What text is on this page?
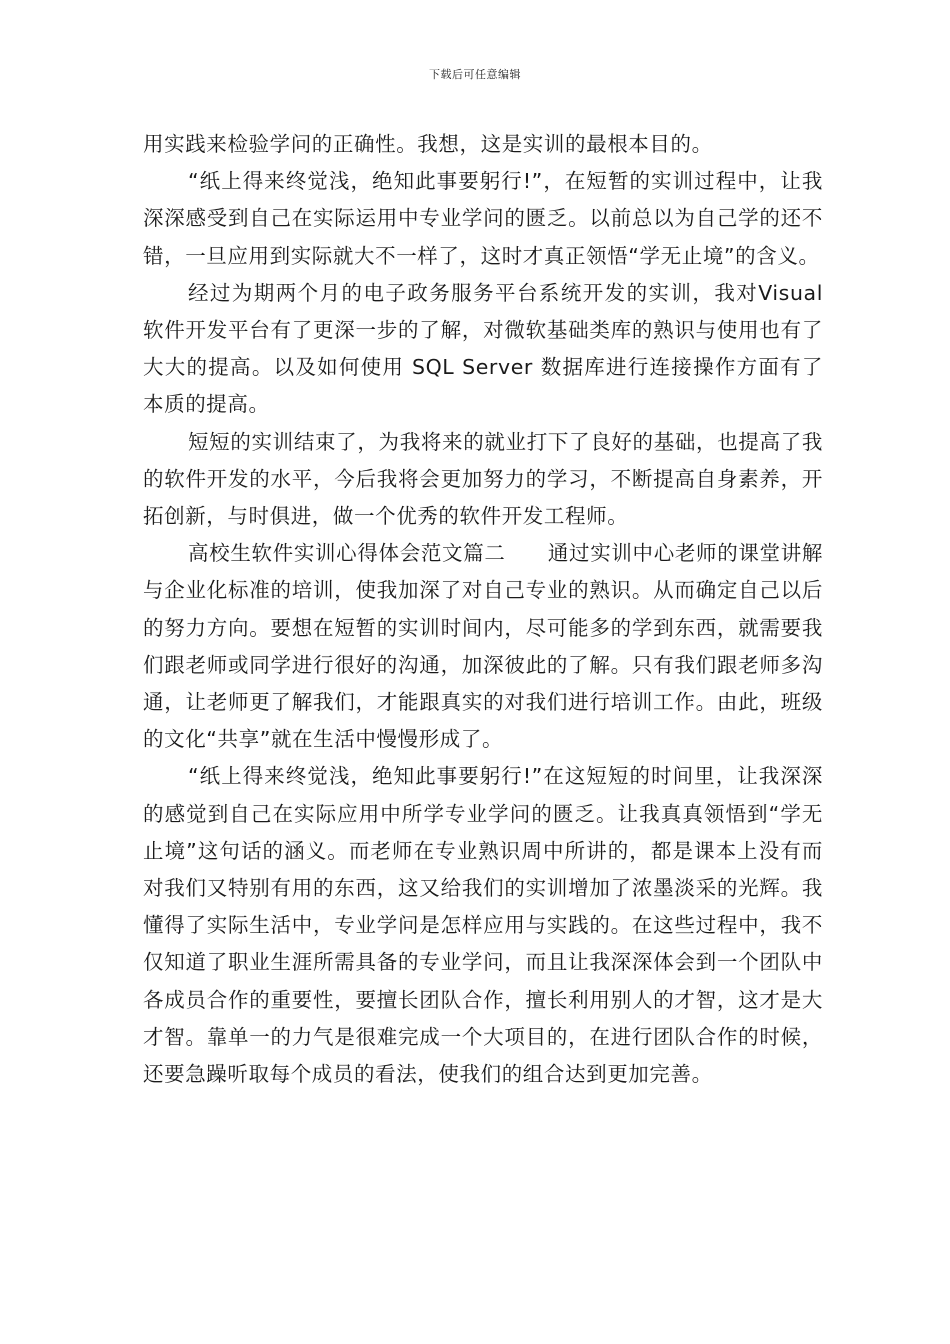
下载后可任意编辑

用实践来检验学问的正确性。我想，这是实训的最根本目的。

“纸上得来终觉浅，绝知此事要躬行!”，在短暂的实训过程中，让我深深感受到自己在实际运用中专业学问的匮乏。以前总以为自己学的还不错，一旦应用到实际就大不一样了，这时才真正领悟“学无止境”的含义。

经过为期两个月的电子政务服务平台系统开发的实训，我对Visual 软件开发平台有了更深一步的了解，对微软基础类库的熟识与使用也有了大大的提高。以及如何使用 SQL Server 数据库进行连接操作方面有了本质的提高。

短短的实训结束了，为我将来的就业打下了良好的基础，也提高了我的软件开发的水平，今后我将会更加努力的学习，不断提高自身素养，开拓创新，与时俱进，做一个优秀的软件开发工程师。

高校生软件实训心得体会范文篇二　　通过实训中心老师的课堂讲解与企业化标准的培训，使我加深了对自己专业的熟识。从而确定自己以后的努力方向。要想在短暂的实训时间内，尽可能多的学到东西，就需要我们跟老师或同学进行很好的沟通，加深彼此的了解。只有我们跟老师多沟通，让老师更了解我们，才能跟真实的对我们进行培训工作。由此，班级的文化“共享”就在生活中慢慢形成了。

“纸上得来终觉浅，绝知此事要躬行!”在这短短的时间里，让我深深的感觉到自己在实际应用中所学专业学问的匮乏。让我真真领悟到“学无止境”这句话的涵义。而老师在专业熟识周中所讲的，都是课本上没有而对我们又特别有用的东西，这又给我们的实训增加了浓墨淡采的光辉。我懂得了实际生活中，专业学问是怎样应用与实践的。在这些过程中，我不仅知道了职业生涯所需具备的专业学问，而且让我深深体会到一个团队中各成员合作的重要性，要擅长团队合作，擅长利用别人的才智，这才是大才智。靠单一的力气是很难完成一个大项目的，在进行团队合作的时候，还要急躁听取每个成员的看法，使我们的组合达到更加完善。
